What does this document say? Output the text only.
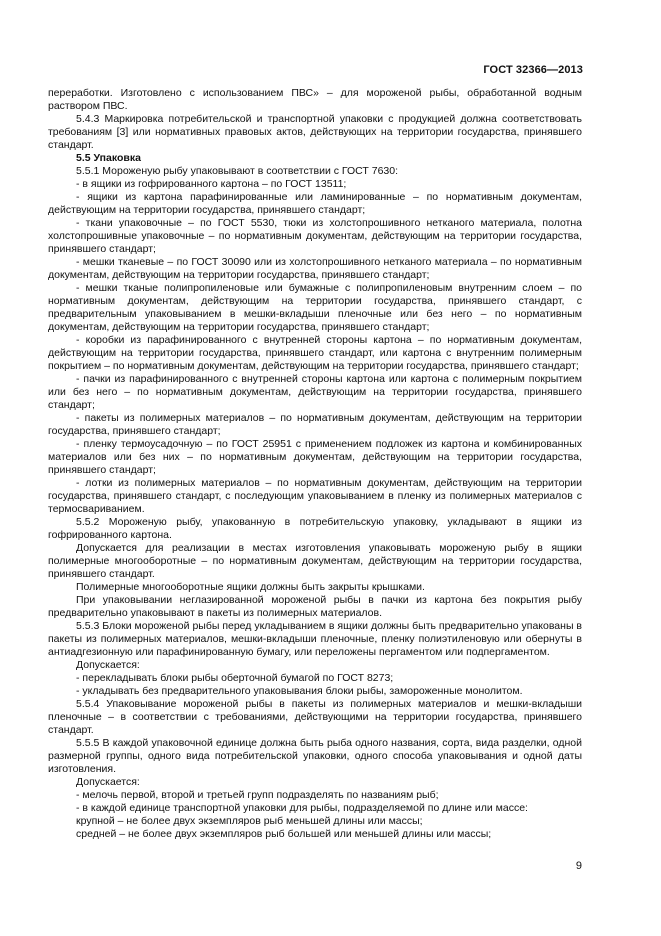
ГОСТ 32366—2013

переработки. Изготовлено с использованием ПВС» – для мороженой рыбы, обработанной водным раствором ПВС.

5.4.3 Маркировка потребительской и транспортной упаковки с продукцией должна соответствовать требованиям [3] или нормативных правовых актов, действующих на территории государства, принявшего стандарт.

5.5 Упаковка

5.5.1 Мороженую рыбу упаковывают в соответствии с ГОСТ 7630:

- в ящики из гофрированного картона – по ГОСТ 13511;

- ящики из картона парафинированные или ламинированные – по нормативным документам, действующим на территории государства, принявшего стандарт;

- ткани упаковочные – по ГОСТ 5530, тюки из холстопрошивного нетканого материала, полотна холстопрошивные упаковочные – по нормативным документам, действующим на территории государства, принявшего стандарт;

- мешки тканевые – по ГОСТ 30090 или из холстопрошивного нетканого материала – по нормативным документам, действующим на территории государства, принявшего стандарт;

- мешки тканые полипропиленовые или бумажные с полипропиленовым внутренним слоем – по нормативным документам, действующим на территории государства, принявшего стандарт, с предварительным упаковыванием в мешки-вкладыши пленочные или без него – по нормативным документам, действующим на территории государства, принявшего стандарт;

- коробки из парафинированного с внутренней стороны картона – по нормативным документам, действующим на территории государства, принявшего стандарт, или картона с внутренним полимерным покрытием – по нормативным документам, действующим на территории государства, принявшего стандарт;

- пачки из парафинированного с внутренней стороны картона или картона с полимерным покрытием или без него – по нормативным документам, действующим на территории государства, принявшего стандарт;

- пакеты из полимерных материалов – по нормативным документам, действующим на территории государства, принявшего стандарт;

- пленку термоусадочную – по ГОСТ 25951 с применением подложек из картона и комбинированных материалов или без них – по нормативным документам, действующим на территории государства, принявшего стандарт;

- лотки из полимерных материалов – по нормативным документам, действующим на территории государства, принявшего стандарт, с последующим упаковыванием в пленку из полимерных материалов с термосвариванием.

5.5.2 Мороженую рыбу, упакованную в потребительскую упаковку, укладывают в ящики из гофрированного картона.

Допускается для реализации в местах изготовления упаковывать мороженую рыбу в ящики полимерные многооборотные – по нормативным документам, действующим на территории государства, принявшего стандарт.

Полимерные многооборотные ящики должны быть закрыты крышками.

При упаковывании неглазированной мороженой рыбы в пачки из картона без покрытия рыбу предварительно упаковывают в пакеты из полимерных материалов.

5.5.3 Блоки мороженой рыбы перед укладыванием в ящики должны быть предварительно упакованы в пакеты из полимерных материалов, мешки-вкладыши пленочные, пленку полиэтиленовую или обернуты в антиадгезионную или парафинированную бумагу, или переложены пергаментом или подпергаментом.

Допускается:

- перекладывать блоки рыбы оберточной бумагой по ГОСТ 8273;

- укладывать без предварительного упаковывания блоки рыбы, замороженные монолитом.

5.5.4 Упаковывание мороженой рыбы в пакеты из полимерных материалов и мешки-вкладыши пленочные – в соответствии с требованиями, действующими на территории государства, принявшего стандарт.

5.5.5 В каждой упаковочной единице должна быть рыба одного названия, сорта, вида разделки, одной размерной группы, одного вида потребительской упаковки, одного способа упаковывания и одной даты изготовления.

Допускается:

- мелочь первой, второй и третьей групп подразделять по названиям рыб;

- в каждой единице транспортной упаковки для рыбы, подразделяемой по длине или массе:

крупной – не более двух экземпляров рыб меньшей длины или массы;

средней – не более двух экземпляров рыб большей или меньшей длины или массы;

9
